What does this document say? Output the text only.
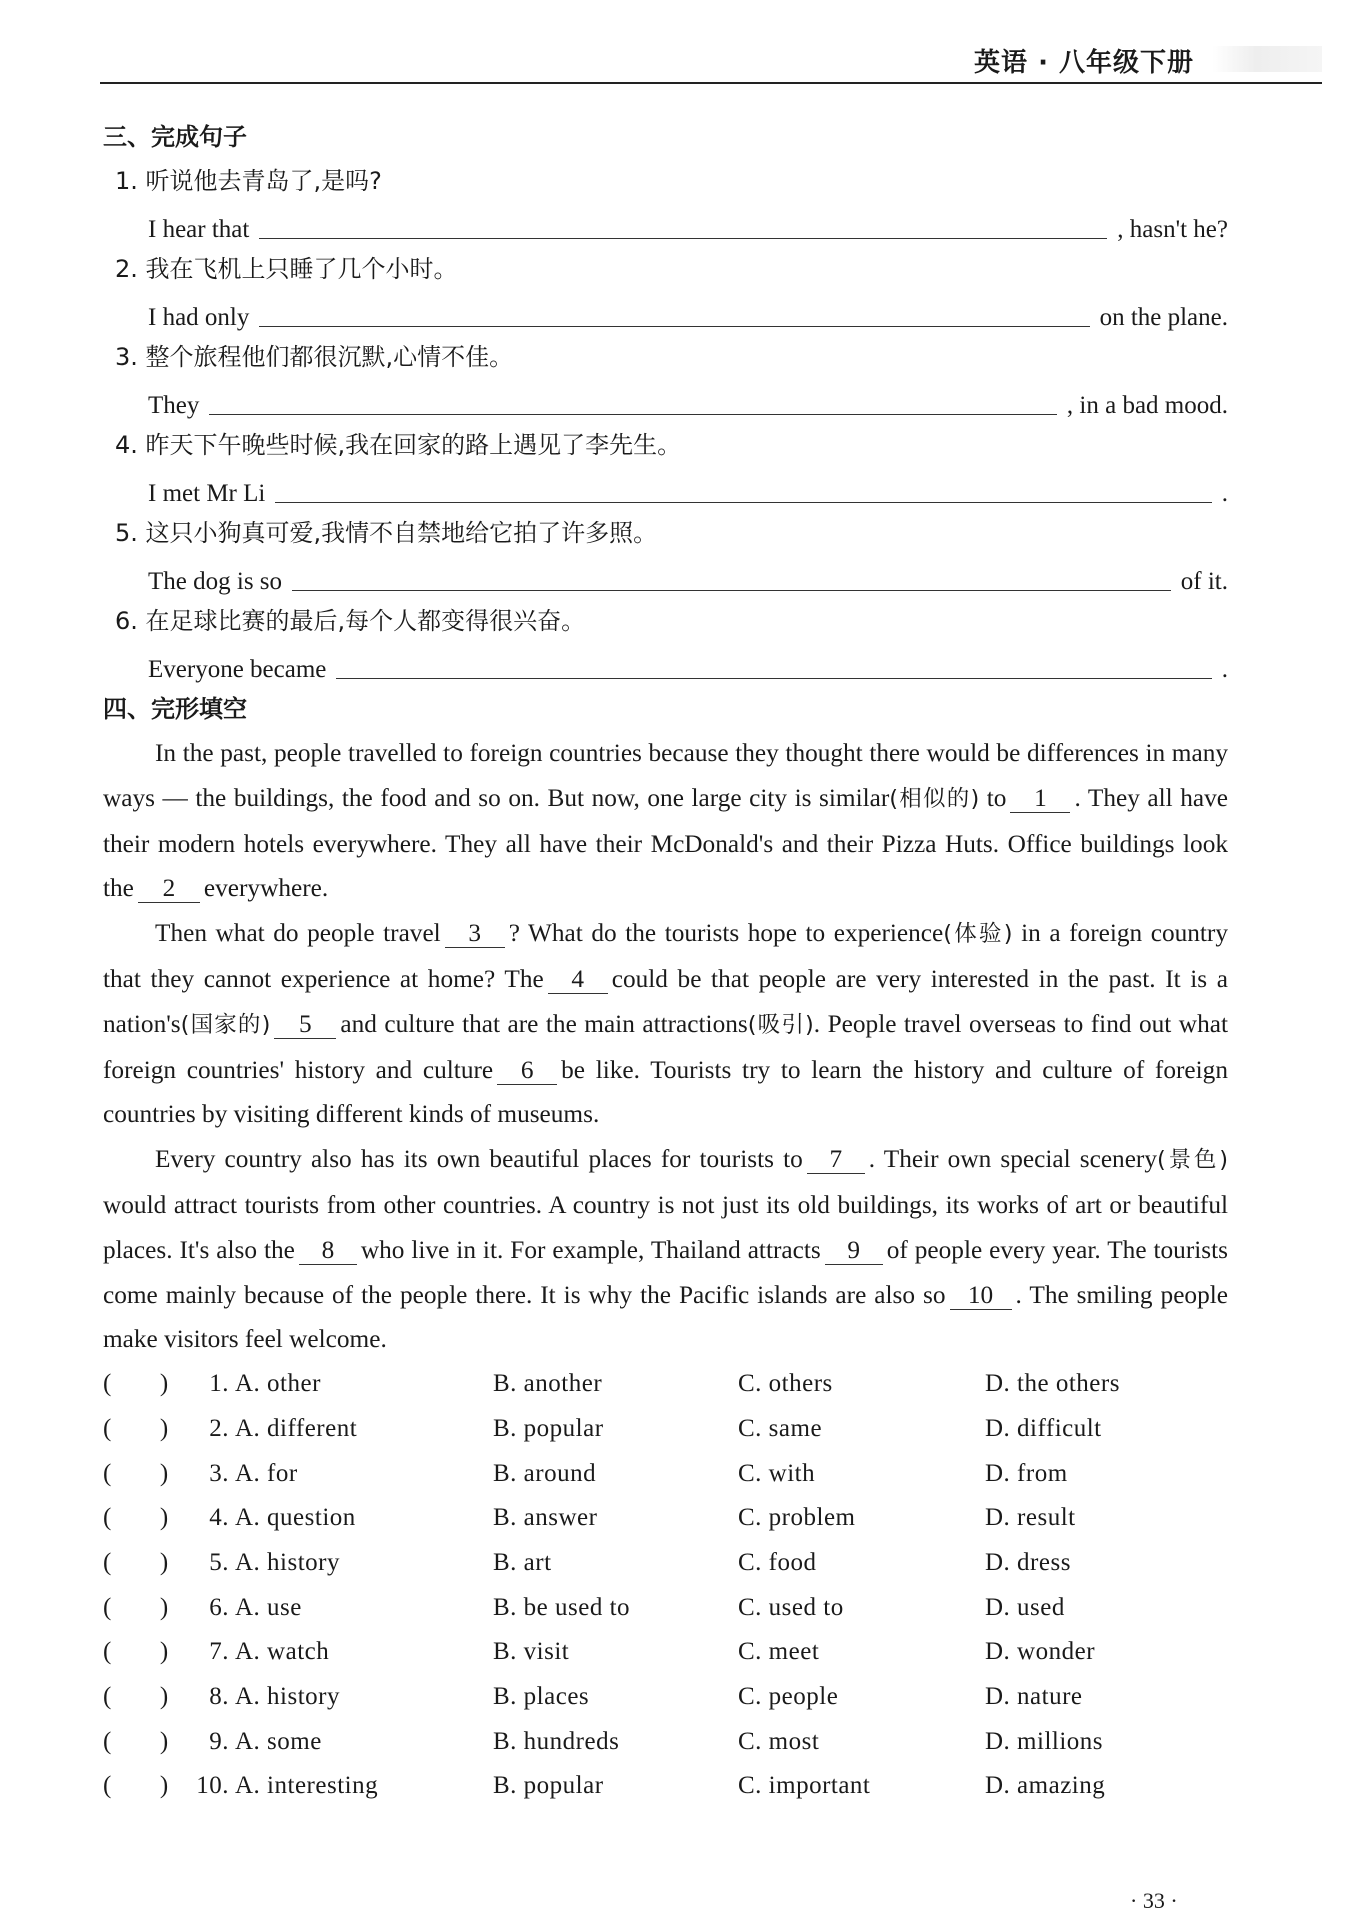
英语 · 八年级下册
三、完成句子
1. 听说他去青岛了,是吗?
I hear that	, hasn't he?
2. 我在飞机上只睡了几个小时。
I had only	on the plane.
3. 整个旅程他们都很沉默,心情不佳。
They	, in a bad mood.
4. 昨天下午晚些时候,我在回家的路上遇见了李先生。
I met Mr Li	.
5. 这只小狗真可爱,我情不自禁地给它拍了许多照。
The dog is so	of it.
6. 在足球比赛的最后,每个人都变得很兴奋。
Everyone became	.
四、完形填空

In the past, people travelled to foreign countries because they thought there would be differences in many ways — the buildings, the food and so on. But now, one large city is similar(相似的) to 1 . They all have their modern hotels everywhere. They all have their McDonald's and their Pizza Huts. Office buildings look the 2 everywhere.

Then what do people travel 3 ? What do the tourists hope to experience(体验) in a foreign country that they cannot experience at home? The 4 could be that people are very interested in the past. It is a nation's(国家的) 5 and culture that are the main attractions(吸引). People travel overseas to find out what foreign countries' history and culture 6 be like. Tourists try to learn the history and culture of foreign countries by visiting different kinds of museums.

Every country also has its own beautiful places for tourists to 7 . Their own special scenery(景色) would attract tourists from other countries. A country is not just its old buildings, its works of art or beautiful places. It's also the 8 who live in it. For example, Thailand attracts 9 of people every year. The tourists come mainly because of the people there. It is why the Pacific islands are also so 10 . The smiling people make visitors feel welcome.

( )	1. A. other	B. another	C. others	D. the others
( )	2. A. different	B. popular	C. same	D. difficult
( )	3. A. for	B. around	C. with	D. from
( )	4. A. question	B. answer	C. problem	D. result
( )	5. A. history	B. art	C. food	D. dress
( )	6. A. use	B. be used to	C. used to	D. used
( )	7. A. watch	B. visit	C. meet	D. wonder
( )	8. A. history	B. places	C. people	D. nature
( )	9. A. some	B. hundreds	C. most	D. millions
( )	10. A. interesting	B. popular	C. important	D. amazing
· 33 ·
